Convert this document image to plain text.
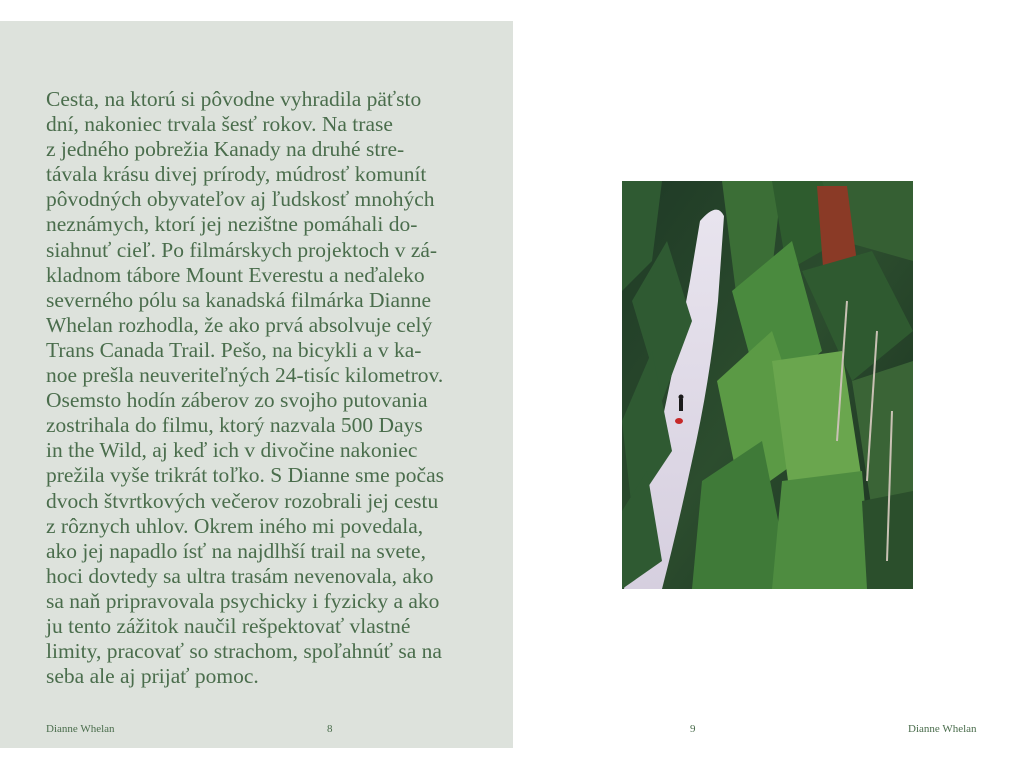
Cesta, na ktorú si pôvodne vyhradila päťsto
dní, nakoniec trvala šesť rokov. Na trase
z jedného pobrežia Kanady na druhé stre-
távala krásu divej prírody, múdrosť komunít
pôvodných obyvateľov aj ľudskosť mnohých
neznámych, ktorí jej nezištne pomáhali do-
siahnuť cieľ. Po filmárskych projektoch v zá-
kladnom tábore Mount Everestu a neďaleko
severného pólu sa kanadská filmárka Dianne
Whelan rozhodla, že ako prvá absolvuje celý
Trans Canada Trail. Pešo, na bicykli a v ka-
noe prešla neuveriteľných 24-tisíc kilometrov.
Osemsto hodín záberov zo svojho putovania
zostrihala do filmu, ktorý nazvala 500 Days
in the Wild, aj keď ich v divočine nakoniec
prežila vyše trikrát toľko. S Dianne sme počas
dvoch štvrtkových večerov rozobrali jej cestu
z rôznych uhlov. Okrem iného mi povedala,
ako jej napadlo ísť na najdlhší trail na svete,
hoci dovtedy sa ultra trasám nevenovala, ako
sa naň pripravovala psychicky i fyzicky a ako
ju tento zážitok naučil rešpektovať vlastné
limity, pracovať so strachom, spoľahnúť sa na
seba ale aj prijať pomoc.

Dianne Whelan	8	9	Dianne Whelan
